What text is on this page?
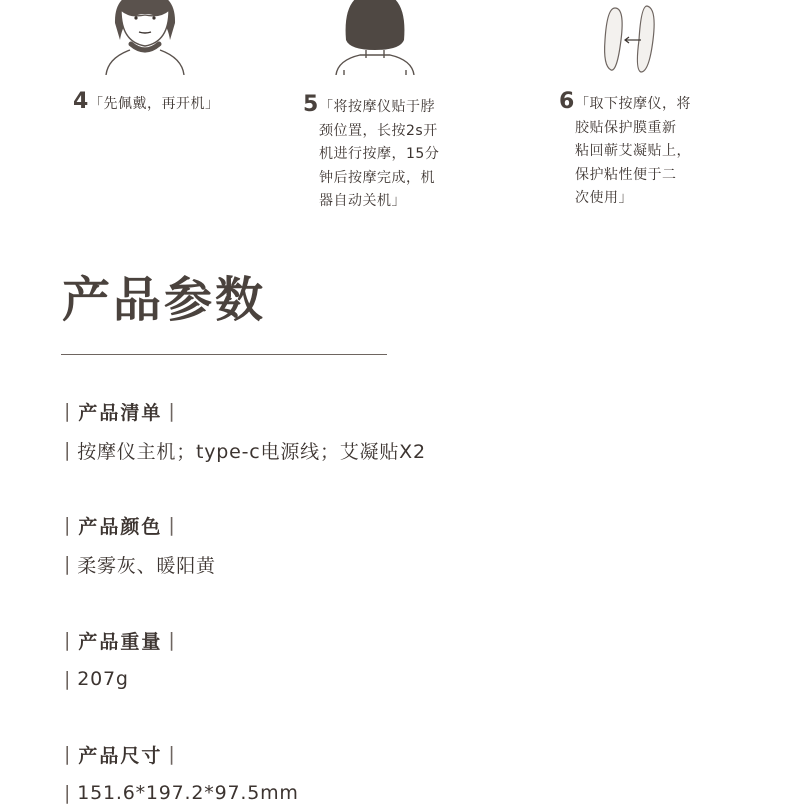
4 「先佩戴，再开机」	5 「将按摩仪贴于脖
颈位置，长按2s开
机进行按摩，15分
钟后按摩完成，机
器自动关机」
6 「取下按摩仪，将
胶贴保护膜重新
粘回蕲艾凝贴上，
保护粘性便于二
次使用」
产品参数
| 产品清单 |
| 按摩仪主机；type-c电源线；艾凝贴X2
| 产品颜色 |
| 柔雾灰、暖阳黄
| 产品重量 |
| 207g
| 产品尺寸 |
| 151.6*197.2*97.5mm
